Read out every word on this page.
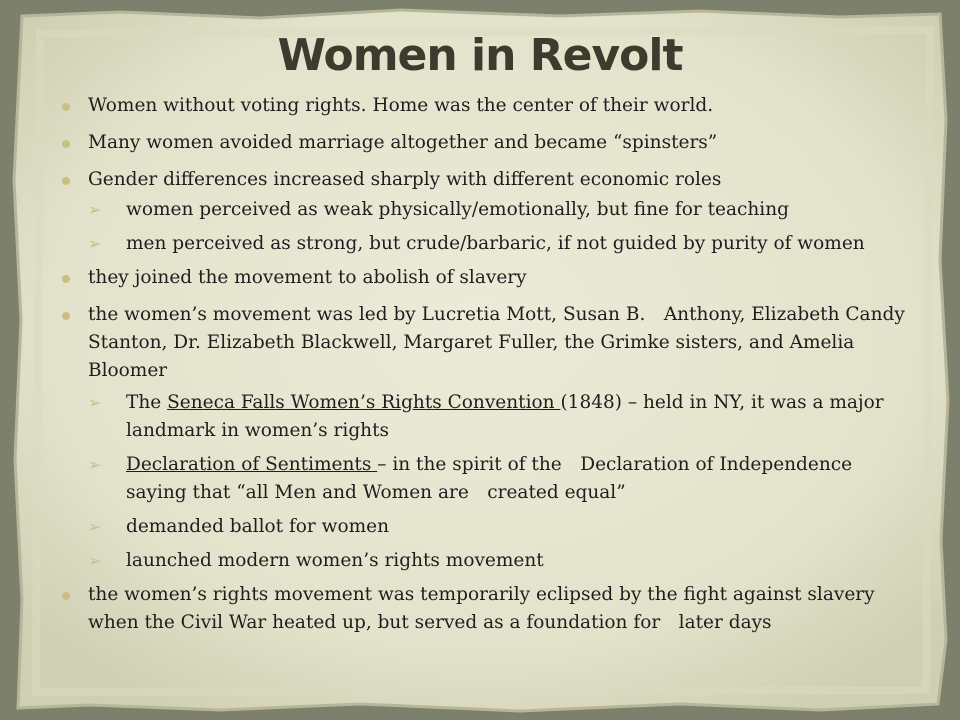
Women in Revolt
Women without voting rights. Home was the center of their world.
Many women avoided marriage altogether and became “spinsters”
Gender differences increased sharply with different economic roles
➢ women perceived as weak physically/emotionally, but fine for teaching
➢ men perceived as strong, but crude/barbaric, if not guided by purity of women
they joined the movement to abolish of slavery
the women’s movement was led by Lucretia Mott, Susan B. Anthony, Elizabeth Candy Stanton, Dr. Elizabeth Blackwell, Margaret Fuller, the Grimke sisters, and Amelia Bloomer
➢ The Seneca Falls Women’s Rights Convention (1848) – held in NY, it was a major landmark in women’s rights
➢ Declaration of Sentiments – in the spirit of the Declaration of Independence saying that “all Men and Women are created equal”
➢ demanded ballot for women
➢ launched modern women’s rights movement
the women’s rights movement was temporarily eclipsed by the fight against slavery when the Civil War heated up, but served as a foundation for later days
